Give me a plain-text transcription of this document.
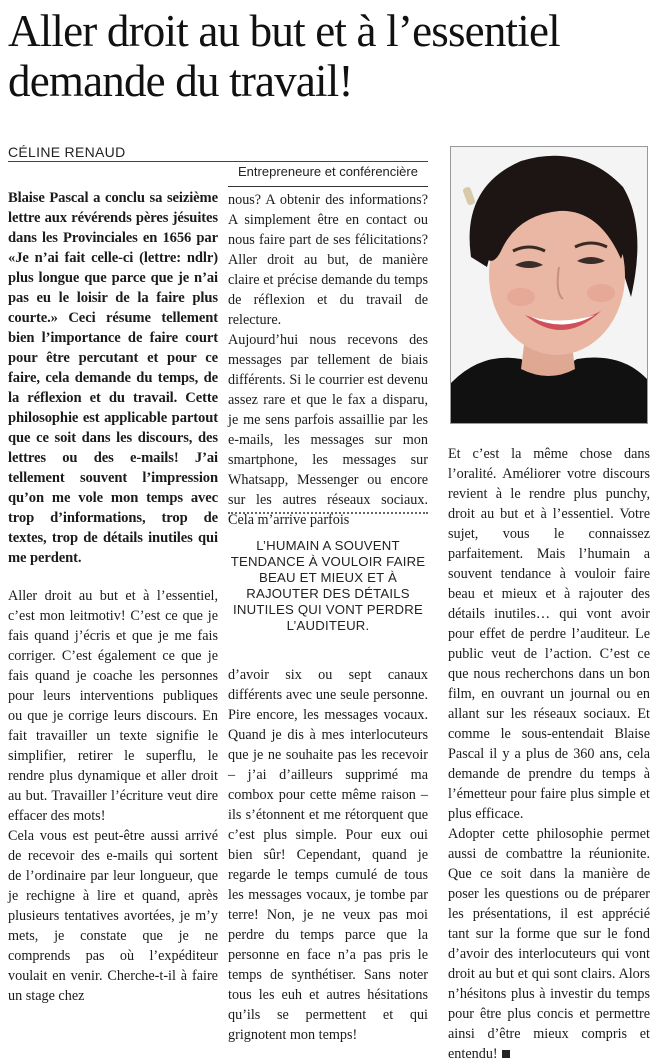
Aller droit au but et à l’essentiel demande du travail!
CÉLINE RENAUD
Entrepreneure et conférencière

Blaise Pascal a conclu sa seizième lettre aux révérends pères jésuites dans les Provinciales en 1656 par «Je n’ai fait celle-ci (lettre: ndlr) plus longue que parce que je n’ai pas eu le loisir de la faire plus courte.» Ceci résume tellement bien l’importance de faire court pour être percutant et pour ce faire, cela demande du temps, de la réflexion et du travail. Cette philosophie est applicable partout que ce soit dans les discours, des lettres ou des e-mails! J’ai tellement souvent l’impression qu’on me vole mon temps avec trop d’informations, trop de textes, trop de détails inutiles qui me perdent.

Aller droit au but et à l’essentiel, c’est mon leitmotiv! C’est ce que je fais quand j’écris et que je me fais corriger. C’est également ce que je fais quand je coache les personnes pour leurs interventions publiques ou que je corrige leurs discours. En fait travailler un texte signifie le simplifier, retirer le superflu, le rendre plus dynamique et aller droit au but. Travailler l’écriture veut dire effacer des mots!

Cela vous est peut-être aussi arrivé de recevoir des e-mails qui sortent de l’ordinaire par leur longueur, que je rechigne à lire et quand, après plusieurs tentatives avortées, je m’y mets, je constate que je ne comprends pas où l’expéditeur voulait en venir. Cherche-t-il à faire un stage chez

nous? A obtenir des informations? A simplement être en contact ou nous faire part de ses félicitations? Aller droit au but, de manière claire et précise demande du temps de réflexion et du travail de relecture.

Aujourd’hui nous recevons des messages par tellement de biais différents. Si le courrier est devenu assez rare et que le fax a disparu, je me sens parfois assaillie par les e-mails, les messages sur mon smartphone, les messages sur Whatsapp, Messenger ou encore sur les autres réseaux sociaux. Cela m’arrive parfois

L’HUMAIN A SOUVENT TENDANCE À VOULOIR FAIRE BEAU ET MIEUX ET À RAJOUTER DES DÉTAILS INUTILES QUI VONT PERDRE L’AUDITEUR.

d’avoir six ou sept canaux différents avec une seule personne. Pire encore, les messages vocaux. Quand je dis à mes interlocuteurs que je ne souhaite pas les recevoir – j’ai d’ailleurs supprimé ma combox pour cette même raison – ils s’étonnent et me rétorquent que c’est plus simple. Pour eux oui bien sûr! Cependant, quand je regarde le temps cumulé de tous les messages vocaux, je tombe par terre! Non, je ne veux pas moi perdre du temps parce que la personne en face n’a pas pris le temps de synthétiser. Sans noter tous les euh et autres hésitations qu’ils se permettent et qui grignotent mon temps!

Et c’est la même chose dans l’oralité. Améliorer votre discours revient à le rendre plus punchy, droit au but et à l’essentiel. Votre sujet, vous le connaissez parfaitement. Mais l’humain a souvent tendance à vouloir faire beau et mieux et à rajouter des détails inutiles… qui vont avoir pour effet de perdre l’auditeur. Le public veut de l’action. C’est ce que nous recherchons dans un bon film, en ouvrant un journal ou en allant sur les réseaux sociaux. Et comme le sous-entendait Blaise Pascal il y a plus de 360 ans, cela demande de prendre du temps à l’émetteur pour faire plus simple et plus efficace.

Adopter cette philosophie permet aussi de combattre la réunionite. Que ce soit dans la manière de poser les questions ou de préparer les présentations, il est apprécié tant sur la forme que sur le fond d’avoir des interlocuteurs qui vont droit au but et qui sont clairs. Alors n’hésitons plus à investir du temps pour être plus concis et permettre ainsi d’être mieux compris et entendu!
